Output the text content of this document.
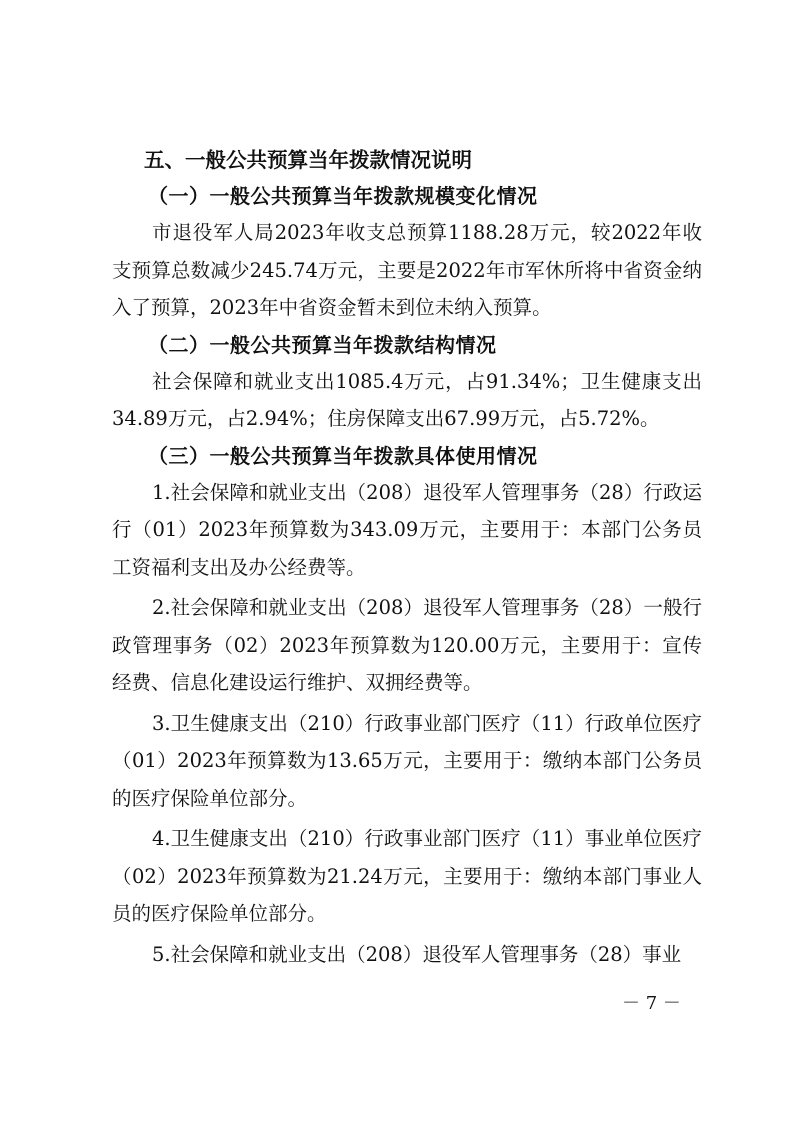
五、一般公共预算当年拨款情况说明
（一）一般公共预算当年拨款规模变化情况

市退役军人局2023年收支总预算1188.28万元，较2022年收支预算总数减少245.74万元，主要是2022年市军休所将中省资金纳入了预算，2023年中省资金暂未到位未纳入预算。

（二）一般公共预算当年拨款结构情况

社会保障和就业支出1085.4万元，占91.34%；卫生健康支出34.89万元，占2.94%；住房保障支出67.99万元，占5.72%。

（三）一般公共预算当年拨款具体使用情况

1.社会保障和就业支出（208）退役军人管理事务（28）行政运行（01）2023年预算数为343.09万元，主要用于：本部门公务员工资福利支出及办公经费等。

2.社会保障和就业支出（208）退役军人管理事务（28）一般行政管理事务（02）2023年预算数为120.00万元，主要用于：宣传经费、信息化建设运行维护、双拥经费等。

3.卫生健康支出（210）行政事业部门医疗（11）行政单位医疗（01）2023年预算数为13.65万元，主要用于：缴纳本部门公务员的医疗保险单位部分。

4.卫生健康支出（210）行政事业部门医疗（11）事业单位医疗（02）2023年预算数为21.24万元，主要用于：缴纳本部门事业人员的医疗保险单位部分。

5.社会保障和就业支出（208）退役军人管理事务（28）事业

－ 7 －
